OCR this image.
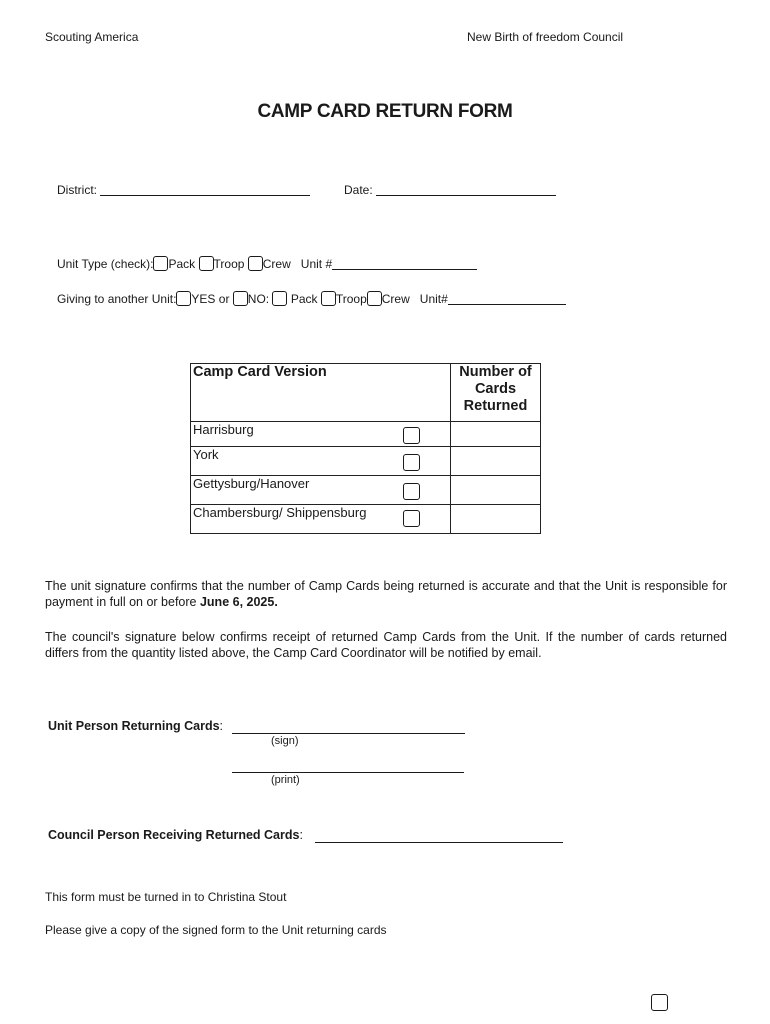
Scouting America	New Birth of freedom Council
CAMP CARD RETURN FORM
District:	Date:
Unit Type (check): Pack Troop Crew Unit #
Giving to another Unit: YES or NO: Pack Troop Crew Unit#
Camp Card Version	Number of
Cards
Returned

Harrisburg

York

Gettysburg/Hanover

Chambersburg/ Shippensburg

The unit signature confirms that the number of Camp Cards being returned is accurate and that the Unit is responsible for payment in full on or before June 6, 2025.
The council's signature below confirms receipt of returned Camp Cards from the Unit. If the number of cards returned differs from the quantity listed above, the Camp Card Coordinator will be notified by email.
Unit Person Returning Cards:
(sign)
(print)
Council Person Receiving Returned Cards:
This form must be turned in to Christina Stout
Please give a copy of the signed form to the Unit returning cards
